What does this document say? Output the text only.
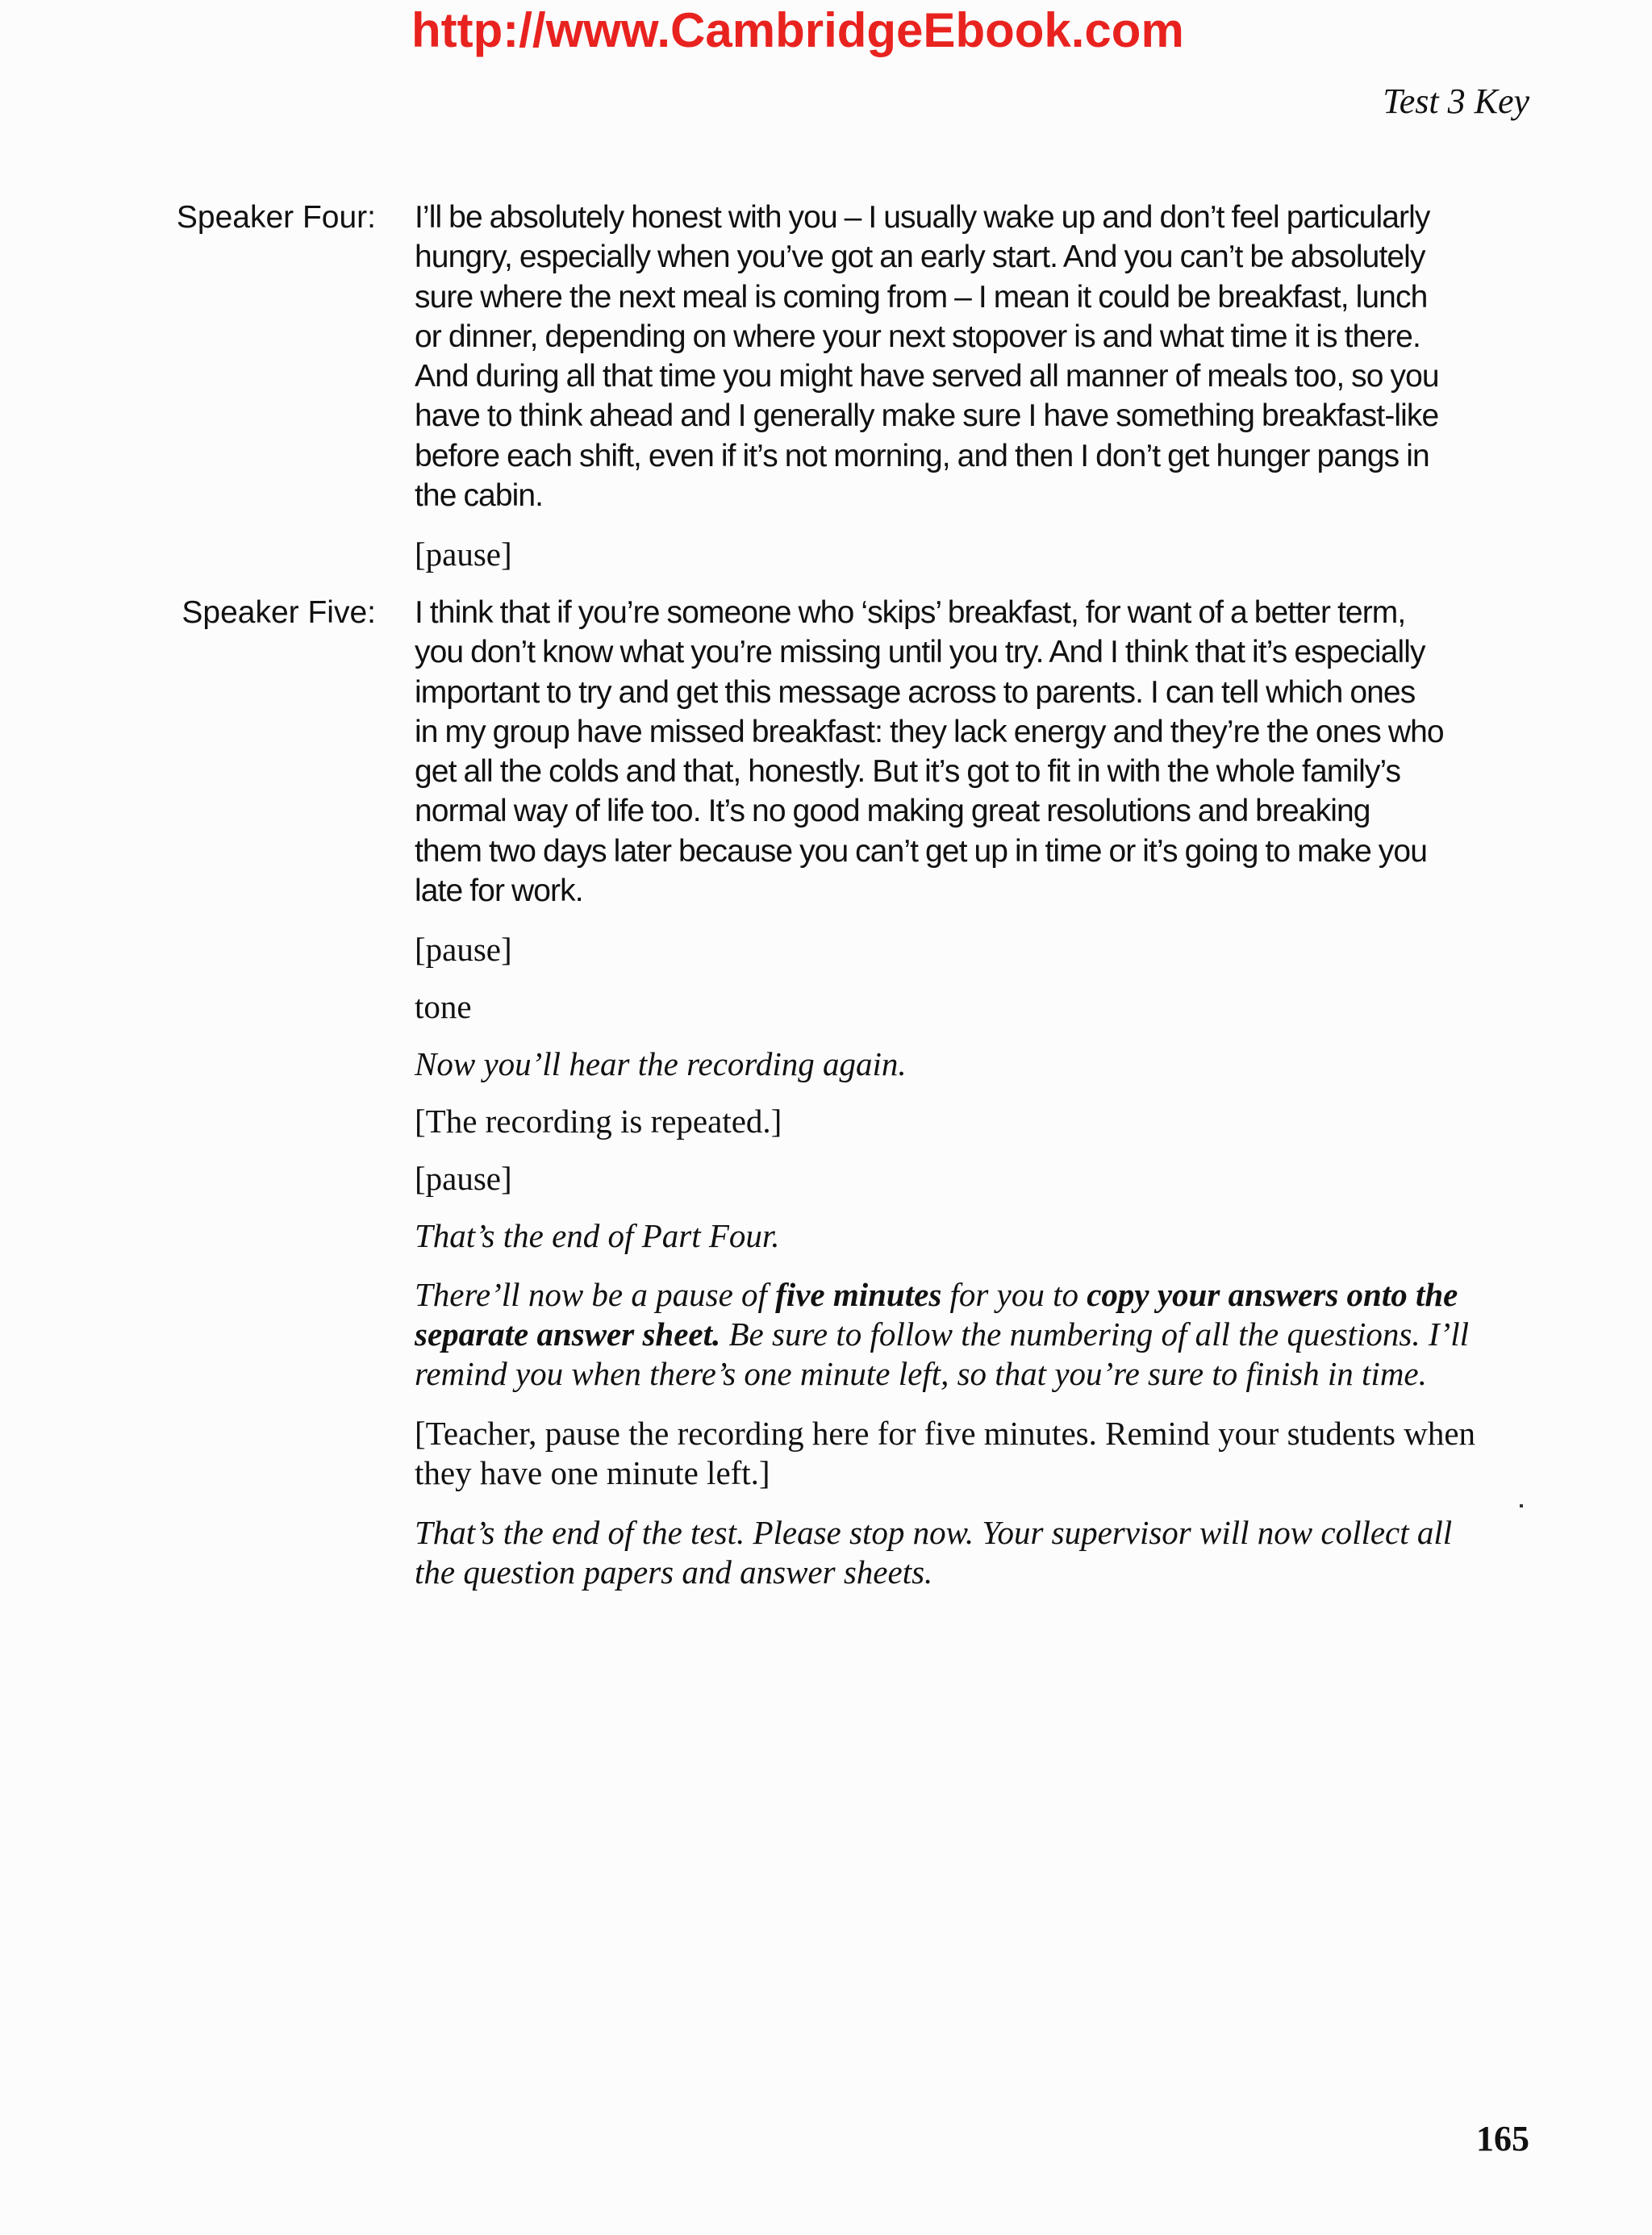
http://www.CambridgeEbook.com
Test 3 Key
Speaker Four: I’ll be absolutely honest with you – I usually wake up and don’t feel particularly
hungry, especially when you’ve got an early start. And you can’t be absolutely
sure where the next meal is coming from – I mean it could be breakfast, lunch
or dinner, depending on where your next stopover is and what time it is there.
And during all that time you might have served all manner of meals too, so you
have to think ahead and I generally make sure I have something breakfast-like
before each shift, even if it’s not morning, and then I don’t get hunger pangs in
the cabin.
[pause]
Speaker Five: I think that if you’re someone who ‘skips’ breakfast, for want of a better term,
you don’t know what you’re missing until you try. And I think that it’s especially
important to try and get this message across to parents. I can tell which ones
in my group have missed breakfast: they lack energy and they’re the ones who
get all the colds and that, honestly. But it’s got to fit in with the whole family’s
normal way of life too. It’s no good making great resolutions and breaking
them two days later because you can’t get up in time or it’s going to make you
late for work.
[pause]
tone
Now you’ll hear the recording again.
[The recording is repeated.]
[pause]
That’s the end of Part Four.
There’ll now be a pause of five minutes for you to copy your answers onto the
separate answer sheet. Be sure to follow the numbering of all the questions. I’ll
remind you when there’s one minute left, so that you’re sure to finish in time.
[Teacher, pause the recording here for five minutes. Remind your students when
they have one minute left.]
That’s the end of the test. Please stop now. Your supervisor will now collect all
the question papers and answer sheets.
165
